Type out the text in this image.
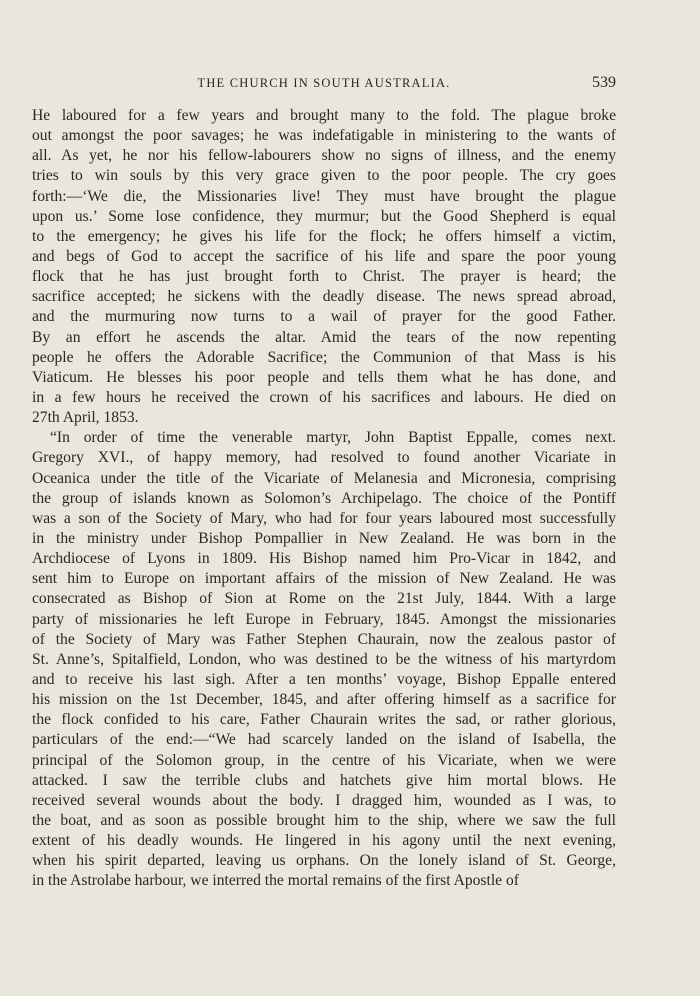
THE CHURCH IN SOUTH AUSTRALIA.	539
He laboured for a few years and brought many to the fold. The plague broke
out amongst the poor savages; he was indefatigable in ministering to the wants of
all. As yet, he nor his fellow-labourers show no signs of illness, and the enemy
tries to win souls by this very grace given to the poor people. The cry goes
forth:—‘We die, the Missionaries live! They must have brought the plague
upon us.’ Some lose confidence, they murmur; but the Good Shepherd is equal
to the emergency; he gives his life for the flock; he offers himself a victim,
and begs of God to accept the sacrifice of his life and spare the poor young
flock that he has just brought forth to Christ. The prayer is heard; the
sacrifice accepted; he sickens with the deadly disease. The news spread abroad,
and the murmuring now turns to a wail of prayer for the good Father.
By an effort he ascends the altar. Amid the tears of the now repenting
people he offers the Adorable Sacrifice; the Communion of that Mass is his
Viaticum. He blesses his poor people and tells them what he has done, and
in a few hours he received the crown of his sacrifices and labours. He died on
27th April, 1853.
“In order of time the venerable martyr, John Baptist Eppalle, comes next.
Gregory XVI., of happy memory, had resolved to found another Vicariate in
Oceanica under the title of the Vicariate of Melanesia and Micronesia, comprising
the group of islands known as Solomon’s Archipelago. The choice of the Pontiff
was a son of the Society of Mary, who had for four years laboured most successfully
in the ministry under Bishop Pompallier in New Zealand. He was born in the
Archdiocese of Lyons in 1809. His Bishop named him Pro-Vicar in 1842, and
sent him to Europe on important affairs of the mission of New Zealand. He was
consecrated as Bishop of Sion at Rome on the 21st July, 1844. With a large
party of missionaries he left Europe in February, 1845. Amongst the missionaries
of the Society of Mary was Father Stephen Chaurain, now the zealous pastor of
St. Anne’s, Spitalfield, London, who was destined to be the witness of his martyrdom
and to receive his last sigh. After a ten months’ voyage, Bishop Eppalle entered
his mission on the 1st December, 1845, and after offering himself as a sacrifice for
the flock confided to his care, Father Chaurain writes the sad, or rather glorious,
particulars of the end:—“We had scarcely landed on the island of Isabella, the
principal of the Solomon group, in the centre of his Vicariate, when we were
attacked. I saw the terrible clubs and hatchets give him mortal blows. He
received several wounds about the body. I dragged him, wounded as I was, to
the boat, and as soon as possible brought him to the ship, where we saw the full
extent of his deadly wounds. He lingered in his agony until the next evening,
when his spirit departed, leaving us orphans. On the lonely island of St. George,
in the Astrolabe harbour, we interred the mortal remains of the first Apostle of
